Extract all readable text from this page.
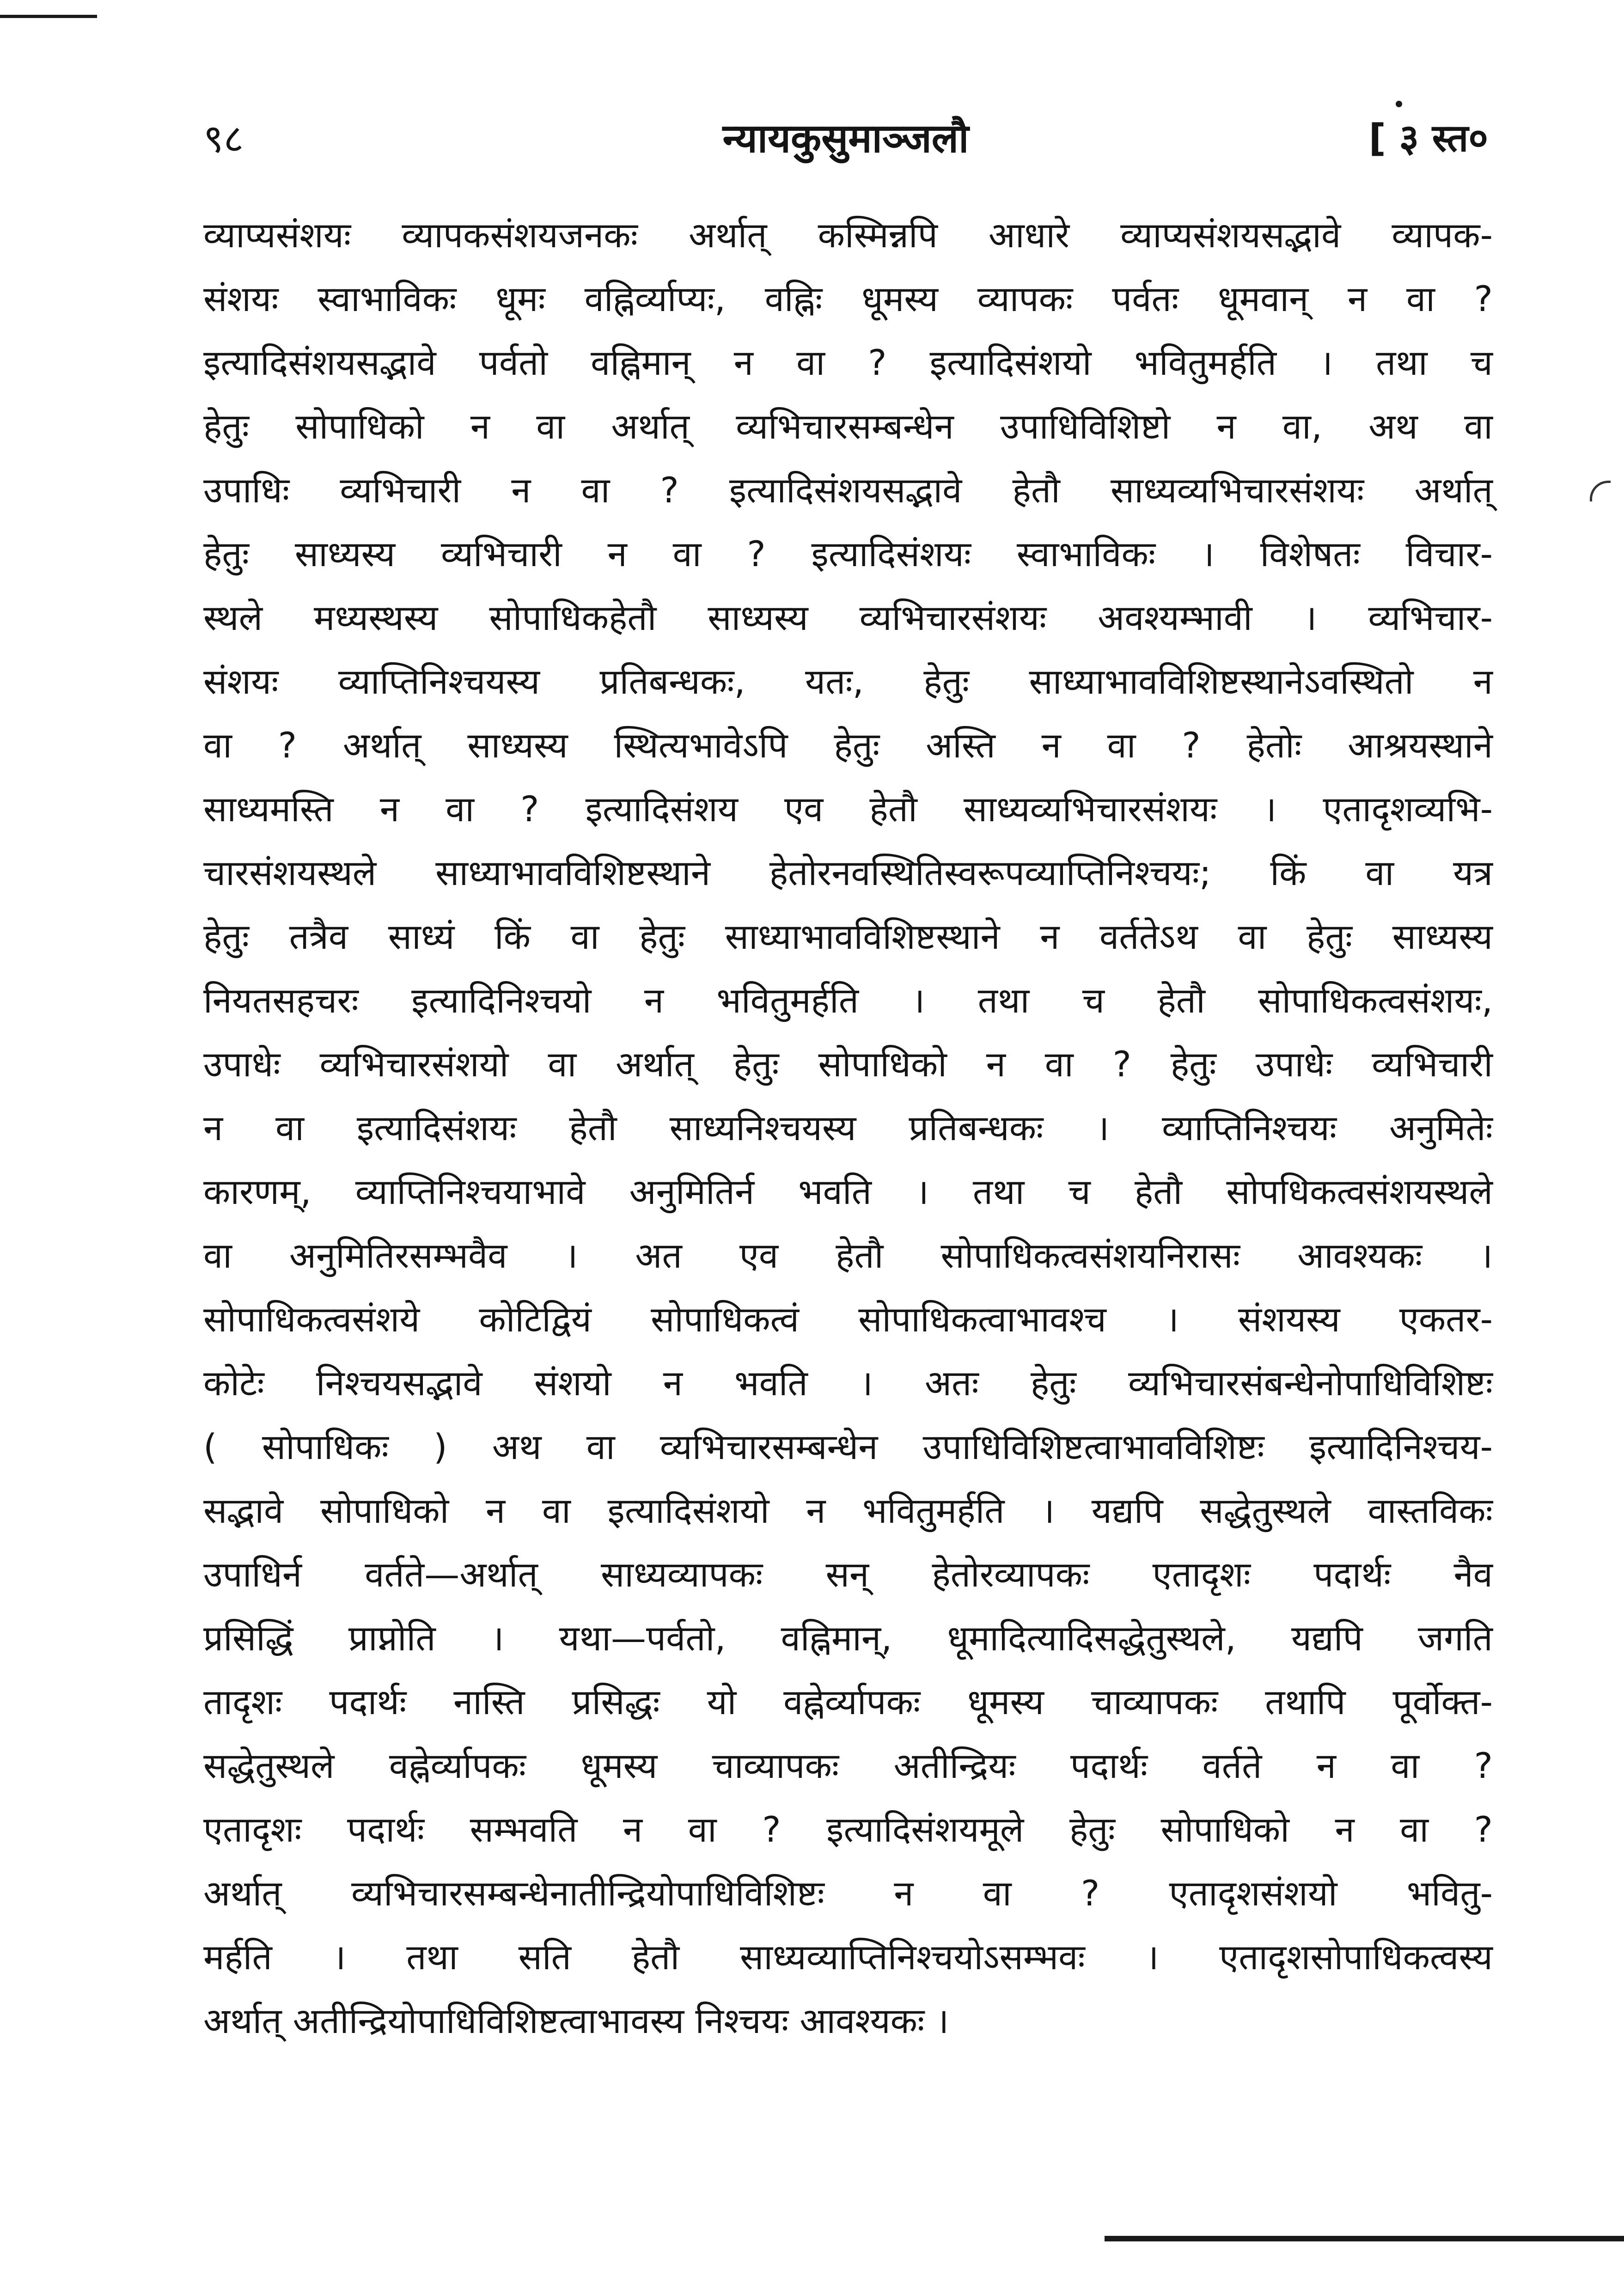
९८	न्यायकुसुमाञ्जलौ	[ ३ स्त०
व्याप्यसंशयः व्यापकसंशयजनकः अर्थात् कस्मिन्नपि आधारे व्याप्यसंशयसद्भावे व्यापक-
संशयः स्वाभाविकः धूमः वह्निर्व्याप्यः, वह्निः धूमस्य व्यापकः पर्वतः धूमवान् न वा ?
इत्यादिसंशयसद्भावे पर्वतो वह्निमान् न वा ? इत्यादिसंशयो भवितुमर्हति । तथा च
हेतुः सोपाधिको न वा अर्थात् व्यभिचारसम्बन्धेन उपाधिविशिष्टो न वा, अथ वा
उपाधिः व्यभिचारी न वा ? इत्यादिसंशयसद्भावे हेतौ साध्यव्यभिचारसंशयः अर्थात्
हेतुः साध्यस्य व्यभिचारी न वा ? इत्यादिसंशयः स्वाभाविकः । विशेषतः विचार-
स्थले मध्यस्थस्य सोपाधिकहेतौ साध्यस्य व्यभिचारसंशयः अवश्यम्भावी । व्यभिचार-
संशयः व्याप्तिनिश्चयस्य प्रतिबन्धकः, यतः, हेतुः साध्याभावविशिष्टस्थानेऽवस्थितो न
वा ? अर्थात् साध्यस्य स्थित्यभावेऽपि हेतुः अस्ति न वा ? हेतोः आश्रयस्थाने
साध्यमस्ति न वा ? इत्यादिसंशय एव हेतौ साध्यव्यभिचारसंशयः । एतादृशव्यभि-
चारसंशयस्थले साध्याभावविशिष्टस्थाने हेतोरनवस्थितिस्वरूपव्याप्तिनिश्चयः; किं वा यत्र
हेतुः तत्रैव साध्यं किं वा हेतुः साध्याभावविशिष्टस्थाने न वर्ततेऽथ वा हेतुः साध्यस्य
नियतसहचरः इत्यादिनिश्चयो न भवितुमर्हति । तथा च हेतौ सोपाधिकत्वसंशयः,
उपाधेः व्यभिचारसंशयो वा अर्थात् हेतुः सोपाधिको न वा ? हेतुः उपाधेः व्यभिचारी
न वा इत्यादिसंशयः हेतौ साध्यनिश्चयस्य प्रतिबन्धकः । व्याप्तिनिश्चयः अनुमितेः
कारणम्, व्याप्तिनिश्चयाभावे अनुमितिर्न भवति । तथा च हेतौ सोपधिकत्वसंशयस्थले
वा अनुमितिरसम्भवैव । अत एव हेतौ सोपाधिकत्वसंशयनिरासः आवश्यकः ।
सोपाधिकत्वसंशये कोटिद्वियं सोपाधिकत्वं सोपाधिकत्वाभावश्च । संशयस्य एकतर-
कोटेः निश्चयसद्भावे संशयो न भवति । अतः हेतुः व्यभिचारसंबन्धेनोपाधिविशिष्टः
( सोपाधिकः ) अथ वा व्यभिचारसम्बन्धेन उपाधिविशिष्टत्वाभावविशिष्टः इत्यादिनिश्चय-
सद्भावे सोपाधिको न वा इत्यादिसंशयो न भवितुमर्हति । यद्यपि सद्धेतुस्थले वास्तविकः
उपाधिर्न वर्तते—अर्थात् साध्यव्यापकः सन् हेतोरव्यापकः एतादृशः पदार्थः नैव
प्रसिद्धिं प्राप्नोति । यथा—पर्वतो, वह्निमान्, धूमादित्यादिसद्धेतुस्थले, यद्यपि जगति
तादृशः पदार्थः नास्ति प्रसिद्धः यो वह्नेर्व्यापकः धूमस्य चाव्यापकः तथापि पूर्वोक्त-
सद्धेतुस्थले वह्नेर्व्यापकः धूमस्य चाव्यापकः अतीन्द्रियः पदार्थः वर्तते न वा ?
एतादृशः पदार्थः सम्भवति न वा ? इत्यादिसंशयमूले हेतुः सोपाधिको न वा ?
अर्थात् व्यभिचारसम्बन्धेनातीन्द्रियोपाधिविशिष्टः न वा ? एतादृशसंशयो भवितु-
मर्हति । तथा सति हेतौ साध्यव्याप्तिनिश्चयोऽसम्भवः । एतादृशसोपाधिकत्वस्य
अर्थात् अतीन्द्रियोपाधिविशिष्टत्वाभावस्य निश्चयः आवश्यकः ।
